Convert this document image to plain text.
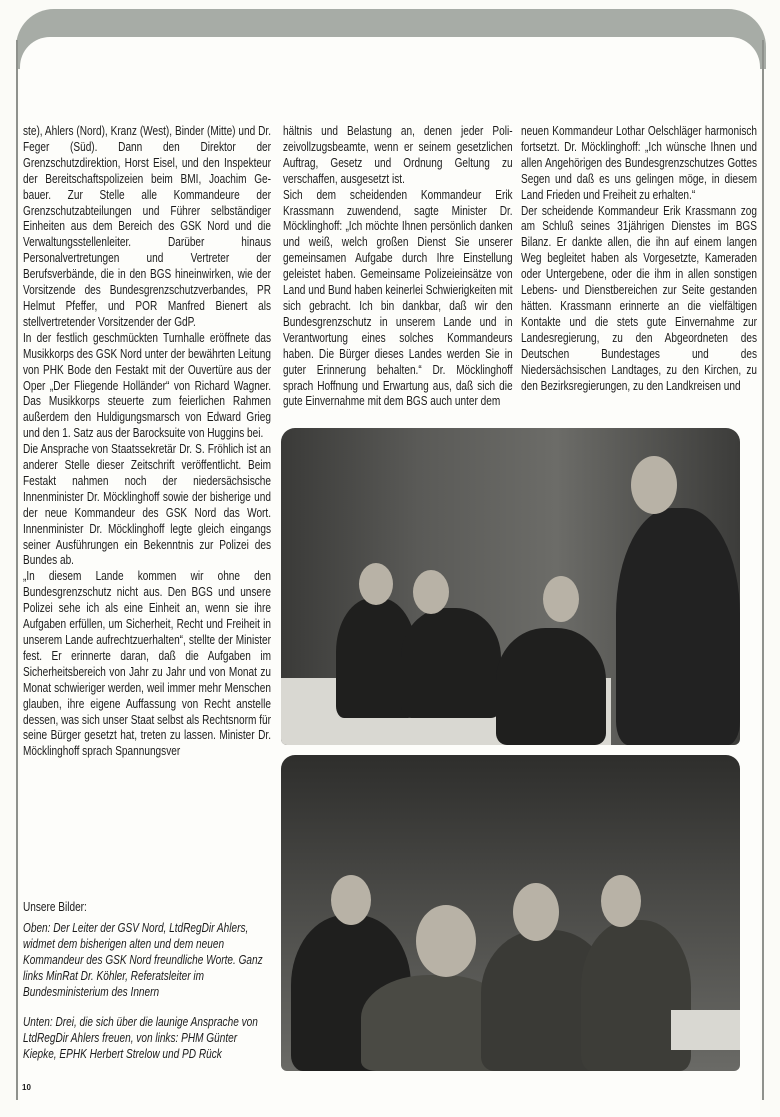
ste), Ahlers (Nord), Kranz (West), Binder (Mitte) und Dr. Feger (Süd). Dann den Direktor der Grenzschutzdirektion, Horst Eisel, und den Inspekteur der Bereitschaftspolizeien beim BMI, Joachim Gebauer. Zur Stelle alle Kommandeure der Grenzschutzabteilungen und Führer selbständiger Einheiten aus dem Bereich des GSK Nord und die Verwaltungsstellenleiter. Darüber hinaus Personalvertretungen und Vertreter der Berufsverbände, die in den BGS hineinwirken, wie der Vorsitzende des Bundesgrenzschutzverbandes, PR Helmut Pfeffer, und POR Manfred Bienert als stellvertretender Vorsitzender der GdP.

In der festlich geschmückten Turnhalle eröffnete das Musikkorps des GSK Nord unter der bewährten Leitung von PHK Bode den Festakt mit der Ouvertüre aus der Oper „Der Fliegende Holländer“ von Richard Wagner. Das Musikkorps steuerte zum feierlichen Rahmen außerdem den Huldigungsmarsch von Edward Grieg und den 1. Satz aus der Barocksuite von Huggins bei.

Die Ansprache von Staatssekretär Dr. S. Fröhlich ist an anderer Stelle dieser Zeitschrift veröffentlicht. Beim Festakt nahmen noch der niedersächsische Innenminister Dr. Möcklinghoff sowie der bisherige und der neue Kommandeur des GSK Nord das Wort. Innenminister Dr. Möcklinghoff legte gleich eingangs seiner Ausführungen ein Bekenntnis zur Polizei des Bundes ab.

„In diesem Lande kommen wir ohne den Bundesgrenzschutz nicht aus. Den BGS und unsere Polizei sehe ich als eine Einheit an, wenn sie ihre Aufgaben erfüllen, um Sicherheit, Recht und Freiheit in unserem Lande aufrechtzuerhalten“, stellte der Minister fest. Er erinnerte daran, daß die Aufgaben im Sicherheitsbereich von Jahr zu Jahr und von Monat zu Monat schwieriger werden, weil immer mehr Menschen glauben, ihre eigene Auffassung von Recht anstelle dessen, was sich unser Staat selbst als Rechtsnorm für seine Bürger gesetzt hat, treten zu lassen. Minister Dr. Möcklinghoff sprach Spannungsver

hältnis und Belastung an, denen jeder Polizeivollzugsbeamte, wenn er seinem gesetzlichen Auftrag, Gesetz und Ordnung Geltung zu verschaffen, ausgesetzt ist.

Sich dem scheidenden Kommandeur Erik Krassmann zuwendend, sagte Minister Dr. Möcklinghoff: „Ich möchte Ihnen persönlich danken und weiß, welch großen Dienst Sie unserer gemeinsamen Aufgabe durch Ihre Einstellung geleistet haben. Gemeinsame Polizeieinsätze von Land und Bund haben keinerlei Schwierigkeiten mit sich gebracht. Ich bin dankbar, daß wir den Bundesgrenzschutz in unserem Lande und in Verantwortung eines solches Kommandeurs haben. Die Bürger dieses Landes werden Sie in guter Erinnerung behalten.“ Dr. Möcklinghoff sprach Hoffnung und Erwartung aus, daß sich die gute Einvernahme mit dem BGS auch unter dem

neuen Kommandeur Lothar Oelschläger harmonisch fortsetzt. Dr. Möcklinghoff: „Ich wünsche Ihnen und allen Angehörigen des Bundesgrenzschutzes Gottes Segen und daß es uns gelingen möge, in diesem Land Frieden und Freiheit zu erhalten.“

Der scheidende Kommandeur Erik Krassmann zog am Schluß seines 31jährigen Dienstes im BGS Bilanz. Er dankte allen, die ihn auf einem langen Weg begleitet haben als Vorgesetzte, Kameraden oder Untergebene, oder die ihm in allen sonstigen Lebens- und Dienstbereichen zur Seite gestanden hätten. Krassmann erinnerte an die vielfältigen Kontakte und die stets gute Einvernahme zur Landesregierung, zu den Abgeordneten des Deutschen Bundestages und des Niedersächsischen Landtages, zu den Kirchen, zu den Bezirksregierungen, zu den Landkreisen und

Unsere Bilder:
Oben: Der Leiter der GSV Nord, LtdRegDir Ahlers, widmet dem bisherigen alten und dem neuen Kommandeur des GSK Nord freundliche Worte. Ganz links MinRat Dr. Köhler, Referatsleiter im Bundesministerium des Innern
Unten: Drei, die sich über die launige Ansprache von LtdRegDir Ahlers freuen, von links: PHM Günter Kiepke, EPHK Herbert Strelow und PD Rück
10
